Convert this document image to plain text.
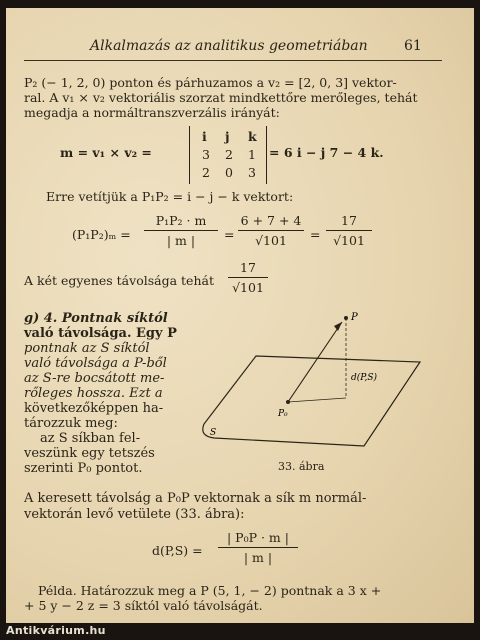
Alkalmazás az analitikus geometriában	61
P₂ (− 1, 2, 0) ponton és párhuzamos a v₂ = [2, 0, 3] vektor-
ral. A v₁ × v₂ vektoriális szorzat mindkettőre merőleges, tehát
megadja a normáltranszverzális irányát:
m = v₁ × v₂ =
i j k
3 2 1
2 0 3
= 6 i − j 7 − 4 k.
Erre vetítjük a P₁P₂ = i − j − k vektort:
(P₁P₂)ₘ =
P₁P₂ · m
| m |	=
6 + 7 + 4
√101	=
17
√101
A két egyenes távolsága tehát
17
√101
g) 4. Pontnak síktól
való távolsága. Egy P
pontnak az S síktól
való távolsága a P-ből
az S-re bocsátott me-
rőleges hossza. Ezt a
következőképpen ha-
tározzuk meg:
az S síkban fel-
veszünk egy tetszés
szerinti P₀ pontot.
P
P₀
d(P,S)
S
33. ábra
A keresett távolság a P₀P vektornak a sík m normál-
vektorán levő vetülete (33. ábra):
d(P,S) =
| P₀P · m |
| m |
Példa. Határozzuk meg a P (5, 1, − 2) pontnak a 3 x +
+ 5 y − 2 z = 3 síktól való távolságát.
Antikvárium.hu
